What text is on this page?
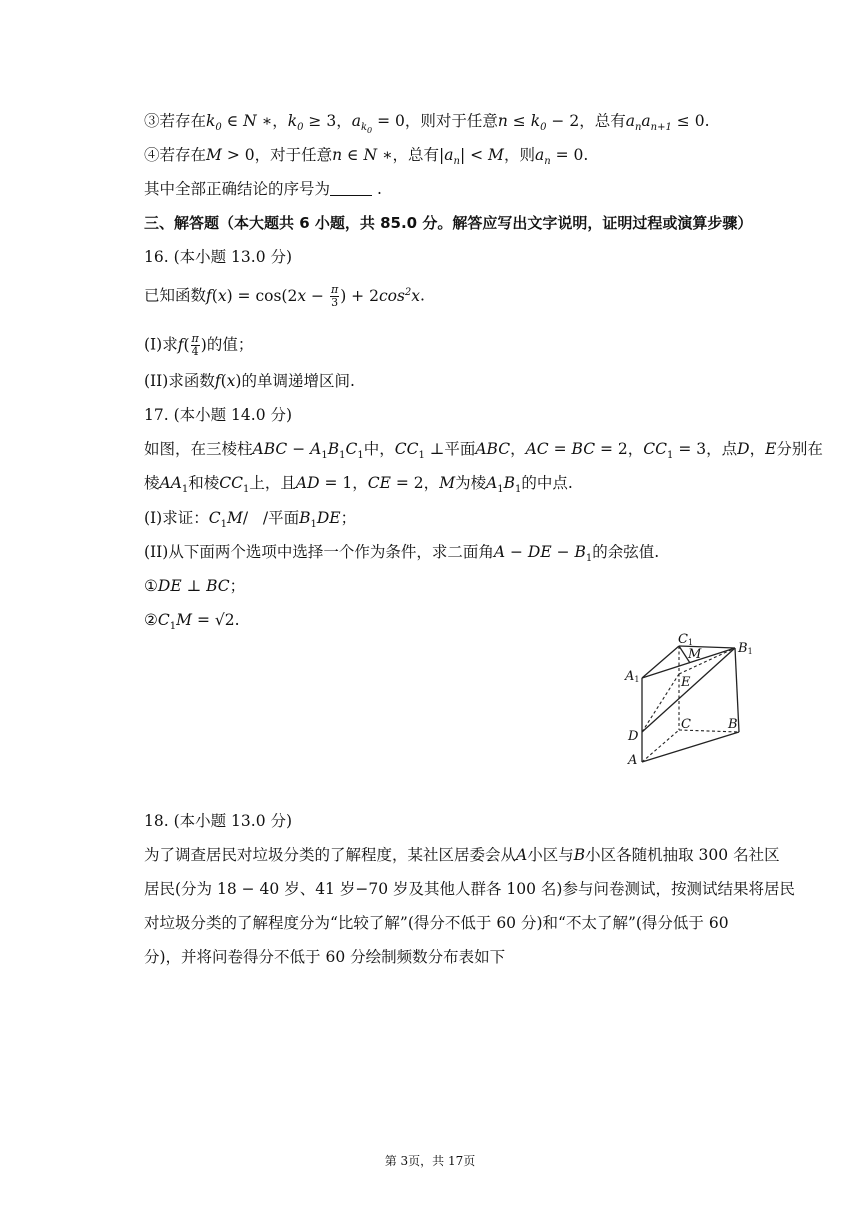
③若存在$k_0$ ∈ N ∗，$k_0 \ge 3$，$a_{k_0} = 0$，则对于任意$n \le k_0 - 2$，总有$a_na_{n+1} \le 0$.
④若存在M > 0，对于任意n ∈ N ∗，总有$|a_n| < M$，则$a_n = 0$.
其中全部正确结论的序号为	.
三、解答题（本大题共 6 小题，共 85.0 分。解答应写出文字说明，证明过程或演算步骤）
16. (本小题 13.0 分)
已知函数$f(x) = \cos(2x - \frac{\pi}{3}$ ) + $2\cos^2x$.
(I)求$f( \frac{\pi}{4}$ )的值；
(II)求函数f(x)的单调递增区间.
17. (本小题 14.0 分)
如图，在三棱柱ABC − $A_1B_1C_1$中，$CC_1$ ⊥平面ABC，AC = BC = 2，$CC_1 = 3$，点D，E分别在
棱$AA_1$和棱$CC_1$上，且AD = 1，CE = 2，M为棱$A_1B_1$的中点.
(I)求证：$C_1M/$   /平面$B_1DE$；
(II)从下面两个选项中选择一个作为条件，求二面角A − DE − $B_1$的余弦值.
①DE ⊥ BC；
$②C_1M = √2$.
C1	B1
A1
M
E
C	B
D
A
18. (本小题 13.0 分)
为了调查居民对垃圾分类的了解程度，某社区居委会从A小区与B小区各随机抽取 300 名社区
居民(分为 18 − 40 岁、41 岁−70 岁及其他人群各 100 名)参与问卷测试，按测试结果将居民
对垃圾分类的了解程度分为“比较了解”(得分不低于 60 分)和“不太了解”(得分低于 60
分)，并将问卷得分不低于 60 分绘制频数分布表如下
第 3页，共 17页
